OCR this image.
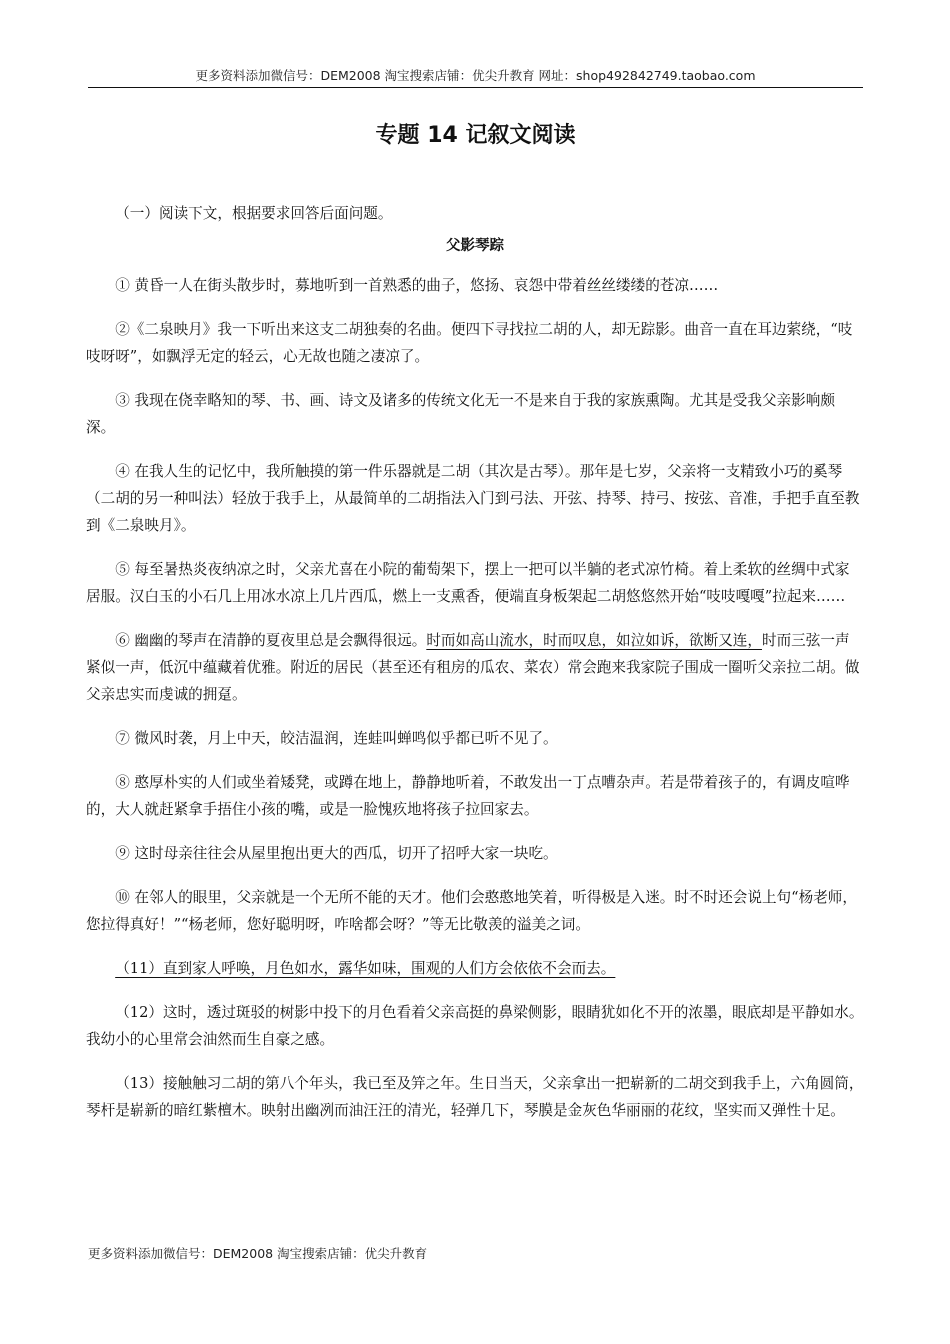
更多资料添加微信号：DEM2008 淘宝搜索店铺：优尖升教育 网址：shop492842749.taobao.com
专题 14 记叙文阅读

（一）阅读下文，根据要求回答后面问题。

父影琴踪

① 黄昏一人在街头散步时，募地听到一首熟悉的曲子，悠扬、哀怨中带着丝丝缕缕的苍凉……

②《二泉映月》我一下听出来这支二胡独奏的名曲。便四下寻找拉二胡的人，却无踪影。曲音一直在耳边萦绕，“吱吱呀呀”，如飘浮无定的轻云，心无故也随之凄凉了。

③ 我现在侥幸略知的琴、书、画、诗文及诸多的传统文化无一不是来自于我的家族熏陶。尤其是受我父亲影响颇深。

④ 在我人生的记忆中，我所触摸的第一件乐器就是二胡（其次是古琴）。那年是七岁，父亲将一支精致小巧的奚琴（二胡的另一种叫法）轻放于我手上，从最简单的二胡指法入门到弓法、开弦、持琴、持弓、按弦、音准，手把手直至教到《二泉映月》。

⑤ 每至暑热炎夜纳凉之时，父亲尤喜在小院的葡萄架下，摆上一把可以半躺的老式凉竹椅。着上柔软的丝绸中式家居服。汉白玉的小石几上用冰水凉上几片西瓜，燃上一支熏香，便端直身板架起二胡悠悠然开始“吱吱嘎嘎”拉起来……

⑥ 幽幽的琴声在清静的夏夜里总是会飘得很远。时而如高山流水，时而叹息，如泣如诉，欲断又连，时而三弦一声紧似一声，低沉中蕴藏着优雅。附近的居民（甚至还有租房的瓜农、菜农）常会跑来我家院子围成一圈听父亲拉二胡。做父亲忠实而虔诚的拥趸。

⑦ 微风时袭，月上中天，皎洁温润，连蛙叫蝉鸣似乎都已听不见了。

⑧ 憨厚朴实的人们或坐着矮凳，或蹲在地上，静静地听着，不敢发出一丁点嘈杂声。若是带着孩子的，有调皮喧哗的，大人就赶紧拿手捂住小孩的嘴，或是一脸愧疚地将孩子拉回家去。

⑨ 这时母亲往往会从屋里抱出更大的西瓜，切开了招呼大家一块吃。

⑩ 在邻人的眼里，父亲就是一个无所不能的天才。他们会憨憨地笑着，听得极是入迷。时不时还会说上句“杨老师，您拉得真好！”“杨老师，您好聪明呀，咋啥都会呀？”等无比敬羡的溢美之词。

（11）直到家人呼唤，月色如水，露华如味，围观的人们方会依依不会而去。

（12）这时，透过斑驳的树影中投下的月色看着父亲高挺的鼻梁侧影，眼睛犹如化不开的浓墨，眼底却是平静如水。我幼小的心里常会油然而生自豪之感。

（13）接触触习二胡的第八个年头，我已至及笄之年。生日当天，父亲拿出一把崭新的二胡交到我手上，六角圆筒，琴杆是崭新的暗红紫檀木。映射出幽冽而油汪汪的清光，轻弹几下，琴膜是金灰色华丽丽的花纹，坚实而又弹性十足。

更多资料添加微信号：DEM2008 淘宝搜索店铺：优尖升教育
